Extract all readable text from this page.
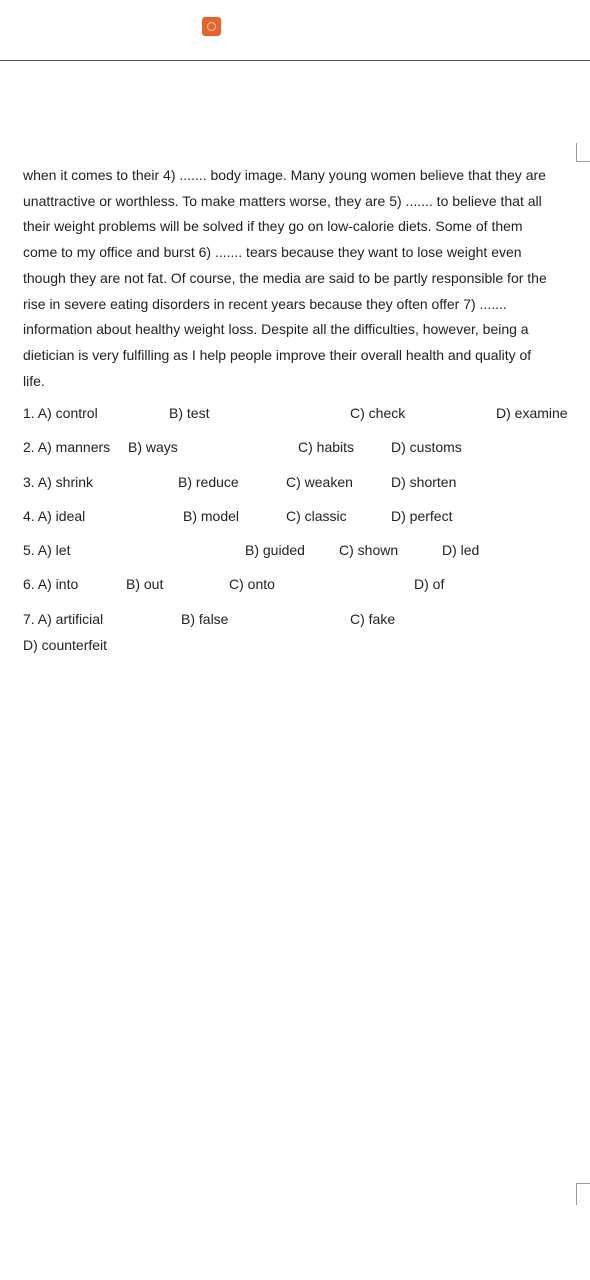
when it comes to their 4) ....... body image. Many young women believe that they are
unattractive or worthless. To make matters worse, they are 5) ....... to believe that all
their weight problems will be solved if they go on low-calorie diets. Some of them
come to my office and burst 6) ....... tears because they want to lose weight even
though they are not fat. Of course, the media are said to be partly responsible for the
rise in severe eating disorders in recent years because they often offer 7) .......
information about healthy weight loss. Despite all the difficulties, however, being a
dietician is very fulfilling as I help people improve their overall health and quality of
life.
1. A) control	B) test	C) check	D) examine
2. A) manners B) ways	C) habits	D) customs
3. A) shrink	B) reduce	C) weaken	D) shorten
4. A) ideal	B) model	C) classic	D) perfect
5. A) let	B) guided C) shown	D) led
6. A) into	B) out	C) onto	D) of
7. A) artificial	B) false	C) fake
D) counterfeit
